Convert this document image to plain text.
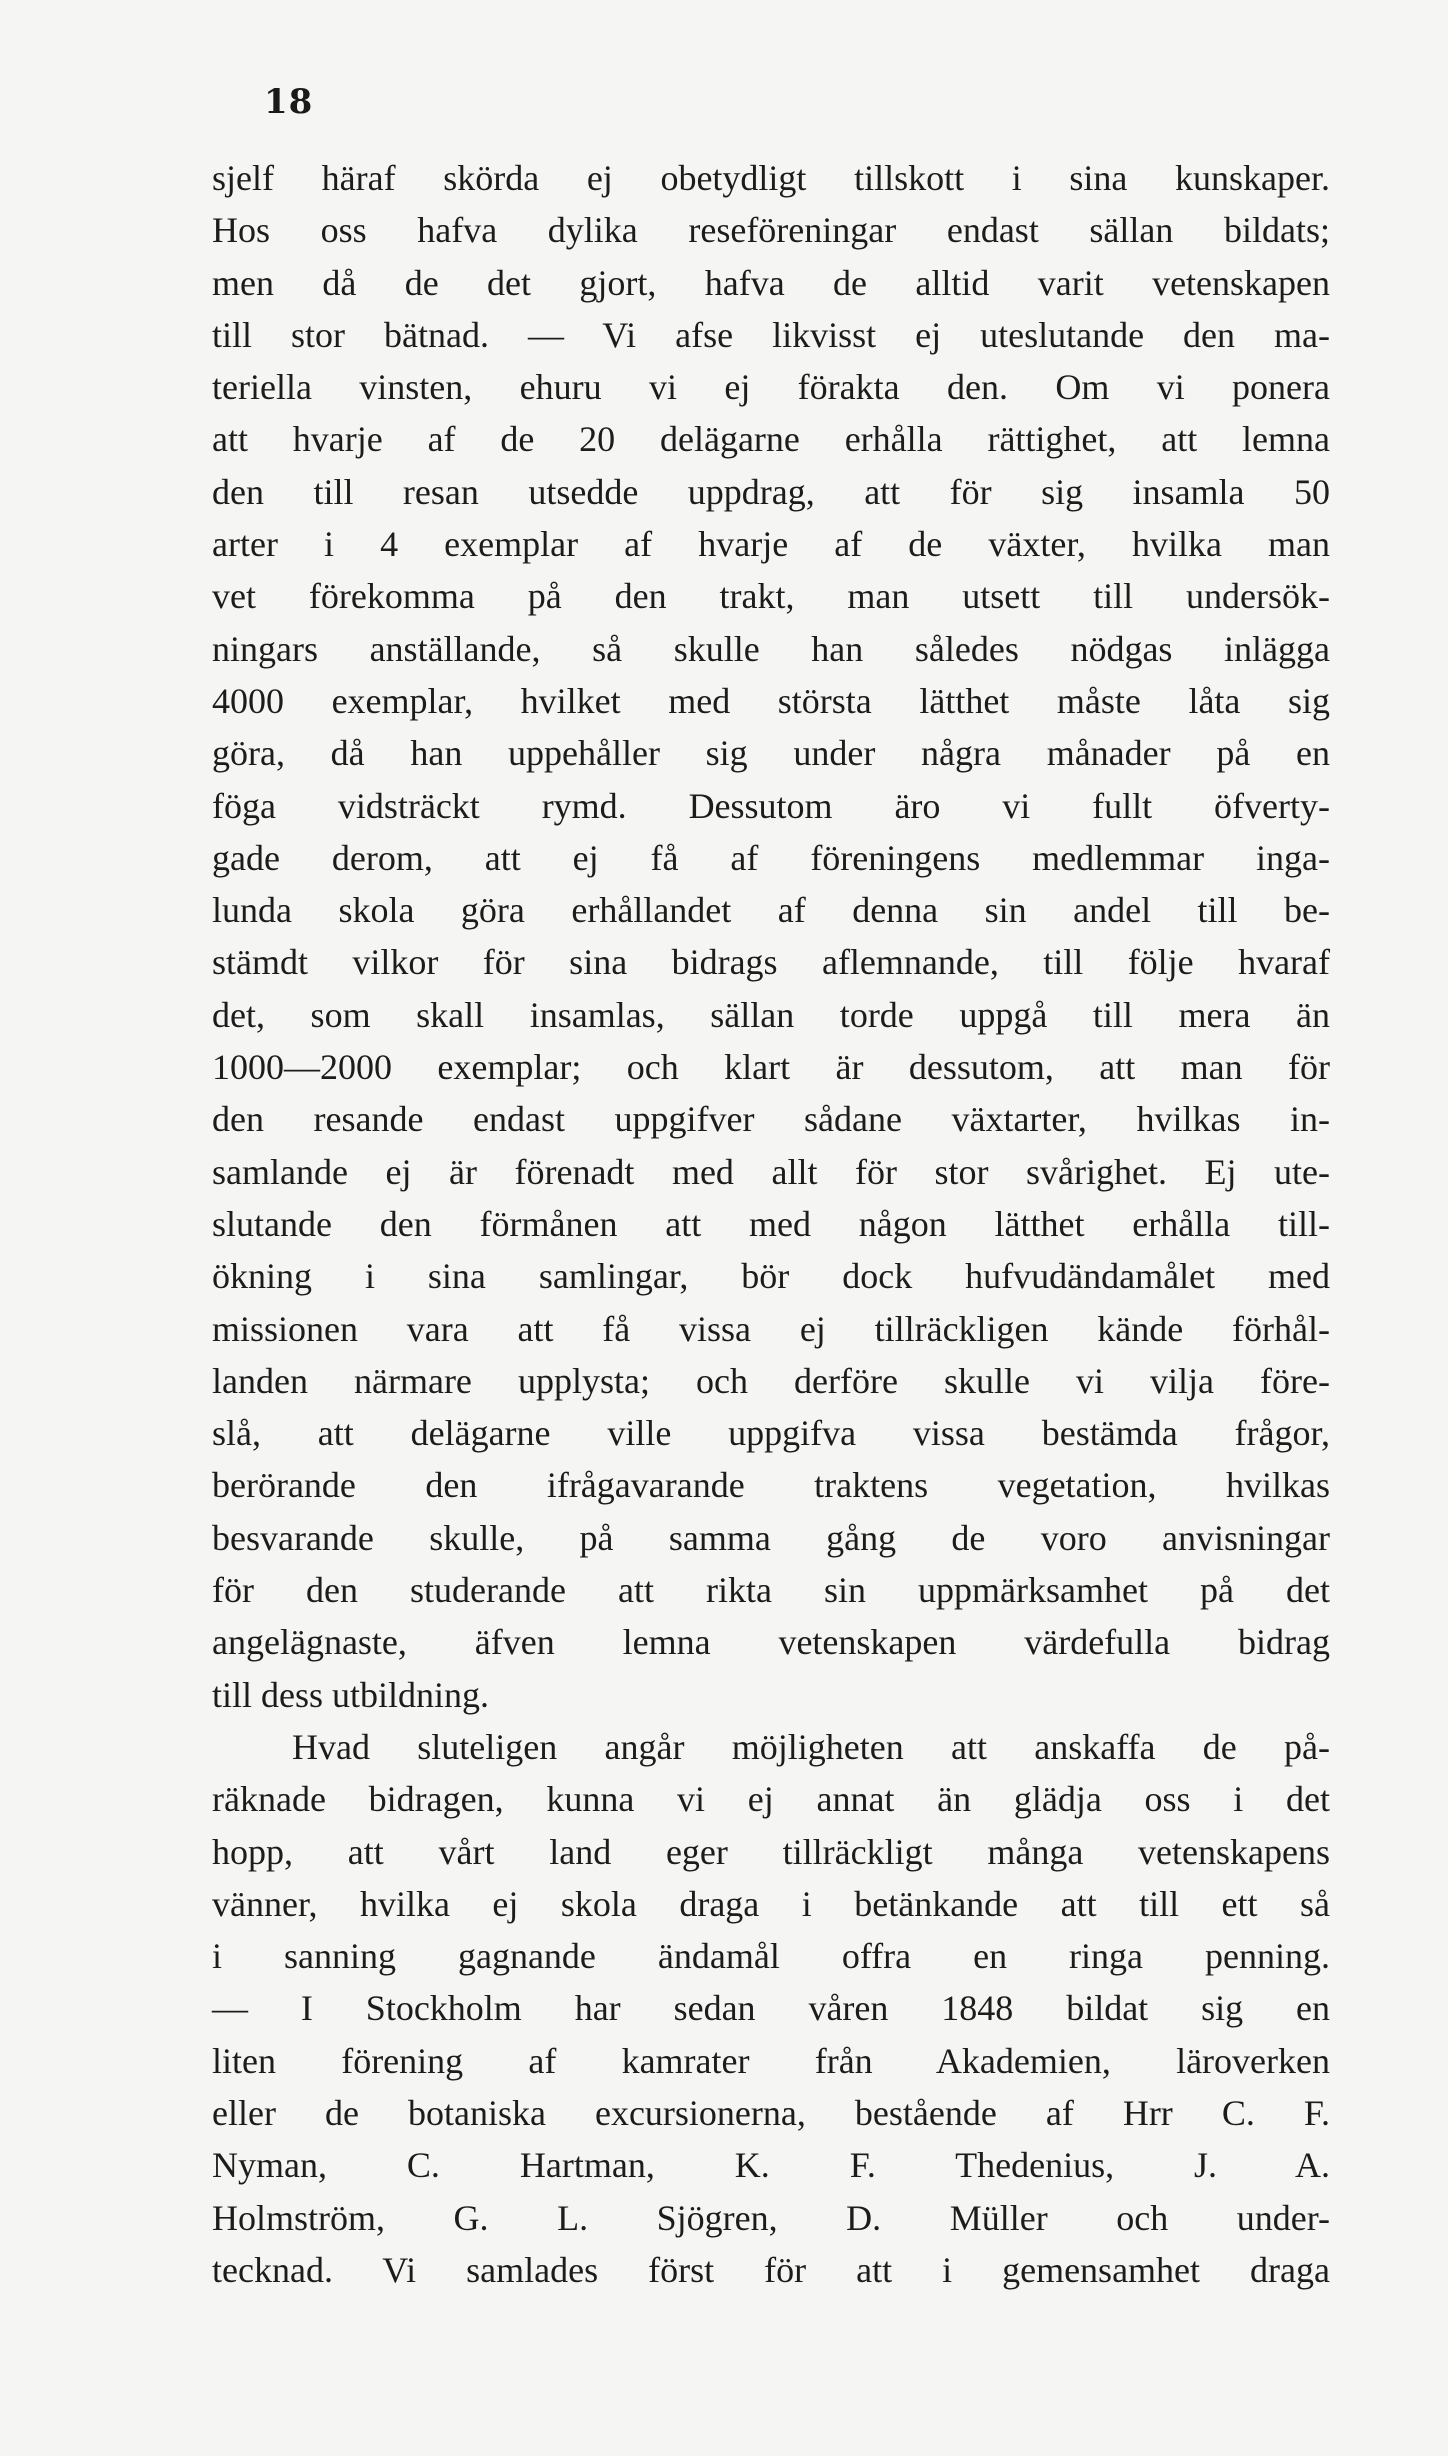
18
sjelf häraf skörda ej obetydligt tillskott i sina kunskaper.
Hos oss hafva dylika reseföreningar endast sällan bildats;
men då de det gjort, hafva de alltid varit vetenskapen
till stor bätnad. — Vi afse likvisst ej uteslutande den ma-
teriella vinsten, ehuru vi ej förakta den. Om vi ponera
att hvarje af de 20 delägarne erhålla rättighet, att lemna
den till resan utsedde uppdrag, att för sig insamla 50
arter i 4 exemplar af hvarje af de växter, hvilka man
vet förekomma på den trakt, man utsett till undersök-
ningars anställande, så skulle han således nödgas inlägga
4000 exemplar, hvilket med största lätthet måste låta sig
göra, då han uppehåller sig under några månader på en
föga vidsträckt rymd. Dessutom äro vi fullt öfverty-
gade derom, att ej få af föreningens medlemmar inga-
lunda skola göra erhållandet af denna sin andel till be-
stämdt vilkor för sina bidrags aflemnande, till följe hvaraf
det, som skall insamlas, sällan torde uppgå till mera än
1000—2000 exemplar; och klart är dessutom, att man för
den resande endast uppgifver sådane växtarter, hvilkas in-
samlande ej är förenadt med allt för stor svårighet. Ej ute-
slutande den förmånen att med någon lätthet erhålla till-
ökning i sina samlingar, bör dock hufvudändamålet med
missionen vara att få vissa ej tillräckligen kände förhål-
landen närmare upplysta; och derföre skulle vi vilja före-
slå, att delägarne ville uppgifva vissa bestämda frågor,
berörande den ifrågavarande traktens vegetation, hvilkas
besvarande skulle, på samma gång de voro anvisningar
för den studerande att rikta sin uppmärksamhet på det
angelägnaste, äfven lemna vetenskapen värdefulla bidrag
till dess utbildning.
Hvad sluteligen angår möjligheten att anskaffa de på-
räknade bidragen, kunna vi ej annat än glädja oss i det
hopp, att vårt land eger tillräckligt många vetenskapens
vänner, hvilka ej skola draga i betänkande att till ett så
i sanning gagnande ändamål offra en ringa penning.
— I Stockholm har sedan våren 1848 bildat sig en
liten förening af kamrater från Akademien, läroverken
eller de botaniska excursionerna, bestående af Hrr C. F.
Nyman, C. Hartman, K. F. Thedenius, J. A.
Holmström, G. L. Sjögren, D. Müller och under-
tecknad. Vi samlades först för att i gemensamhet draga
